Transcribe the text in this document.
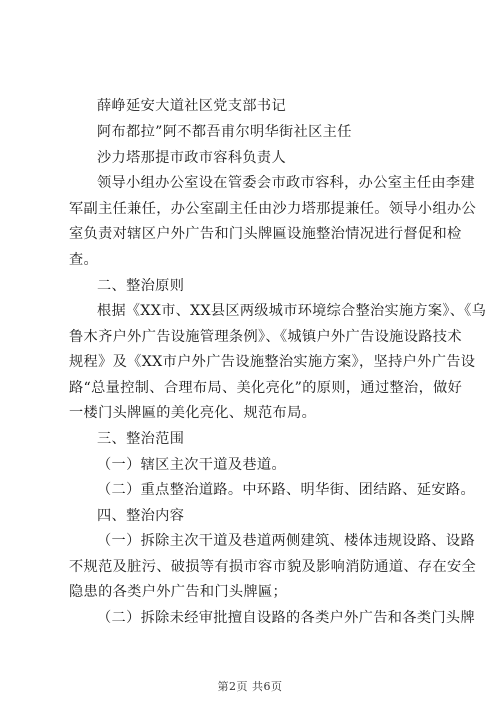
薛峥延安大道社区党支部书记
阿布都拉”阿不都吾甫尔明华街社区主任
沙力塔那提市政市容科负责人
领导小组办公室设在管委会市政市容科，办公室主任由李建
军副主任兼任，办公室副主任由沙力塔那提兼任。领导小组办公
室负责对辖区户外广告和门头牌匾设施整治情况进行督促和检
查。
二、整治原则
根据《XX市、XX县区两级城市环境综合整治实施方案》、《乌
鲁木齐户外广告设施管理条例》、《城镇户外广告设施设路技术
规程》及《XX市户外广告设施整治实施方案》，坚持户外广告设
路“总量控制、合理布局、美化亮化”的原则，通过整治，做好
一楼门头牌匾的美化亮化、规范布局。
三、整治范围
（一）辖区主次干道及巷道。
（二）重点整治道路。中环路、明华街、团结路、延安路。
四、整治内容
（一）拆除主次干道及巷道两侧建筑、楼体违规设路、设路
不规范及脏污、破损等有损市容市貌及影响消防通道、存在安全
隐患的各类户外广告和门头牌匾；
（二）拆除未经审批擅自设路的各类户外广告和各类门头牌
第2页 共6页
